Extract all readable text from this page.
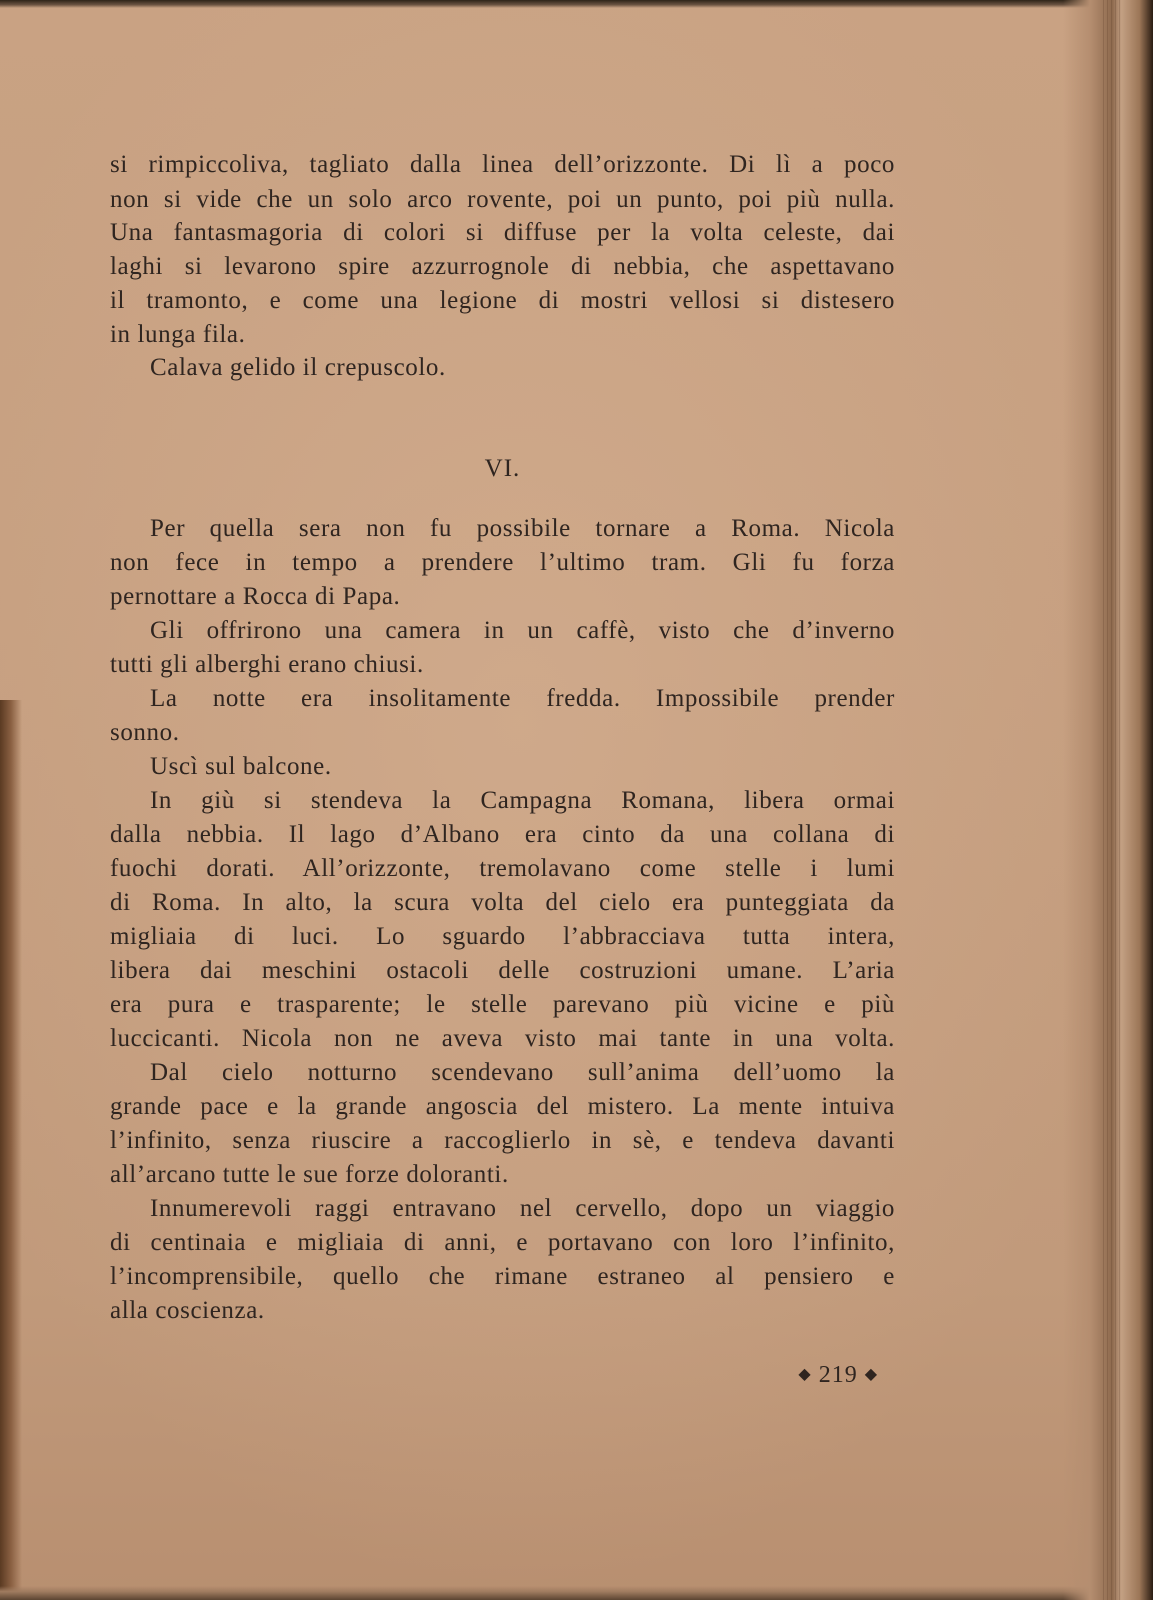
si rimpiccoliva, tagliato dalla linea dell’orizzonte. Di lì a poco
non si vide che un solo arco rovente, poi un punto, poi più nulla.
Una fantasmagoria di colori si diffuse per la volta celeste, dai
laghi si levarono spire azzurrognole di nebbia, che aspettavano
il tramonto, e come una legione di mostri vellosi si distesero
in lunga fila.
Calava gelido il crepuscolo.
Per quella sera non fu possibile tornare a Roma. Nicola
non fece in tempo a prendere l’ultimo tram. Gli fu forza
pernottare a Rocca di Papa.
Gli offrirono una camera in un caffè, visto che d’inverno
tutti gli alberghi erano chiusi.
La notte era insolitamente fredda. Impossibile prender
sonno.
Uscì sul balcone.
In giù si stendeva la Campagna Romana, libera ormai
dalla nebbia. Il lago d’Albano era cinto da una collana di
fuochi dorati. All’orizzonte, tremolavano come stelle i lumi
di Roma. In alto, la scura volta del cielo era punteggiata da
migliaia di luci. Lo sguardo l’abbracciava tutta intera,
libera dai meschini ostacoli delle costruzioni umane. L’aria
era pura e trasparente; le stelle parevano più vicine e più
luccicanti. Nicola non ne aveva visto mai tante in una volta.
Dal cielo notturno scendevano sull’anima dell’uomo la
grande pace e la grande angoscia del mistero. La mente intuiva
l’infinito, senza riuscire a raccoglierlo in sè, e tendeva davanti
all’arcano tutte le sue forze doloranti.
Innumerevoli raggi entravano nel cervello, dopo un viaggio
di centinaia e migliaia di anni, e portavano con loro l’infinito,
l’incomprensibile, quello che rimane estraneo al pensiero e
alla coscienza.
VI.
◆ 219 ◆
